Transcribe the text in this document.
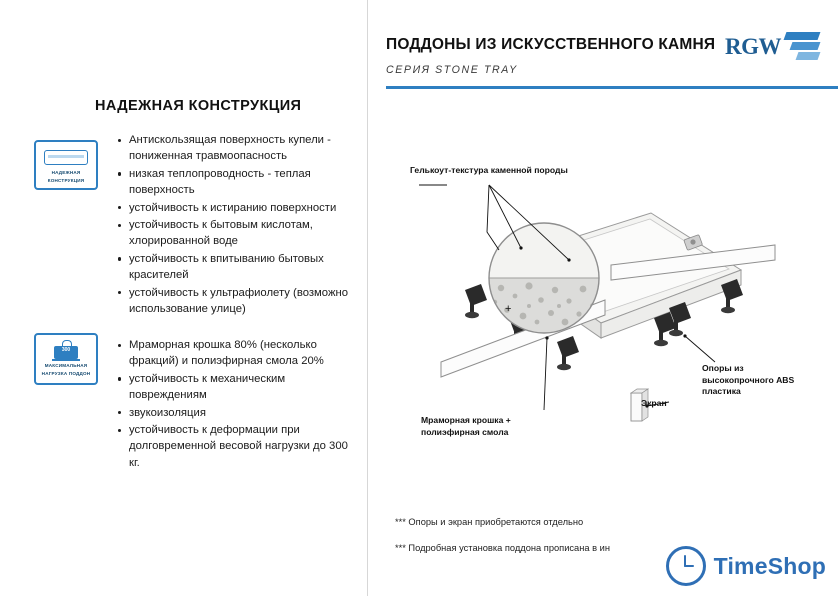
НАДЕЖНАЯ КОНСТРУКЦИЯ
НАДЕЖНАЯ
КОНСТРУКЦИЯ
300
МАКСИМАЛЬНАЯ
НАГРУЗКА ПОДДОН
Антискользящая поверхность купели - пониженная травмоопасность
низкая теплопроводность - теплая поверхность
устойчивость к истиранию поверхности
устойчивость к бытовым кислотам, хлорированной воде
устойчивость к впитыванию бытовых красителей
устойчивость к ультрафиолету (возможно использование улице)
Мраморная крошка 80% (несколько фракций) и полиэфирная смола 20%
устойчивость к механическим повреждениям
звукоизоляция
устойчивость к деформации при долговременной весовой нагрузки до 300 кг.
ПОДДОНЫ ИЗ ИСКУССТВЕННОГО КАМНЯ
СЕРИЯ STONE TRAY
RGW
+
Гелькоут-текстура каменной породы
Мраморная крошка + полиэфирная смола
Экран
Опоры из высокопрочного ABS пластика
*** Опоры и экран приобретаются отдельно
*** Подробная установка поддона прописана в ин
TimeShop
